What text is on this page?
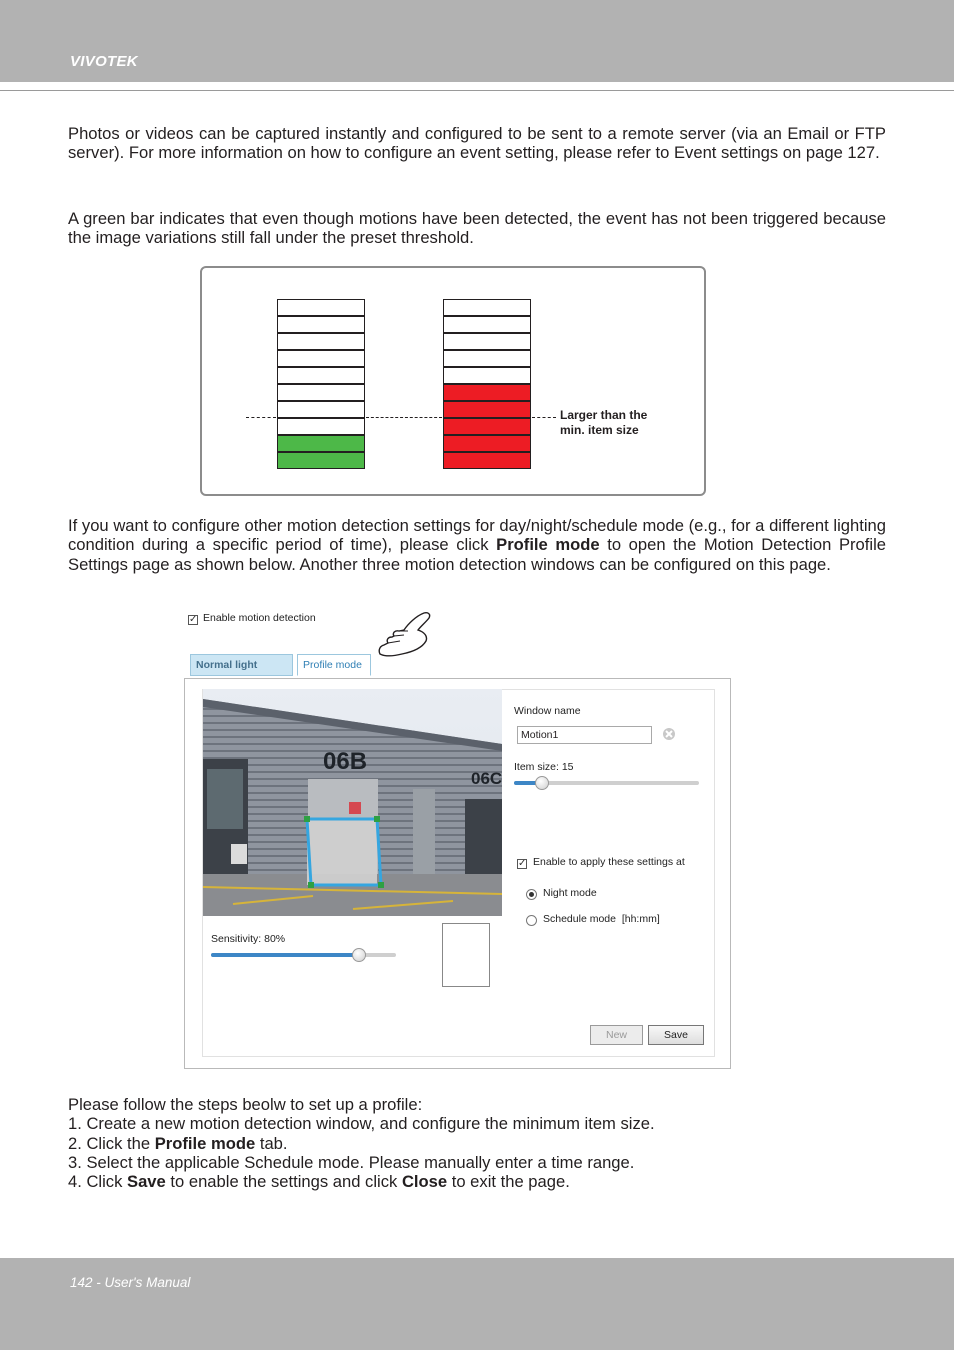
VIVOTEK

Photos or videos can be captured instantly and configured to be sent to a remote server (via an Email or FTP server). For more information on how to configure an event setting, please refer to Event settings on page 127.

A green bar indicates that even though motions have been detected, the event has not been triggered because the image variations still fall under the preset threshold.

Larger than the
min. item size

If you want to configure other motion detection settings for day/night/schedule mode (e.g., for a different lighting condition during a specific period of time), please click Profile mode to open the Motion Detection Profile Settings page as shown below. Another three motion detection windows can be configured on this page.

✓ Enable motion detection
Normal light	Profile mode
06B
06C
Window name
Motion1
Item size: 15
✓ Enable to apply these settings at
Night mode
Schedule mode [hh:mm]
Sensitivity: 80%
New	Save
Please follow the steps beolw to set up a profile:
1. Create a new motion detection window, and configure the minimum item size.
2. Click the Profile mode tab.
3. Select the applicable Schedule mode. Please manually enter a time range.
4. Click Save to enable the settings and click Close to exit the page.
142 - User's Manual
